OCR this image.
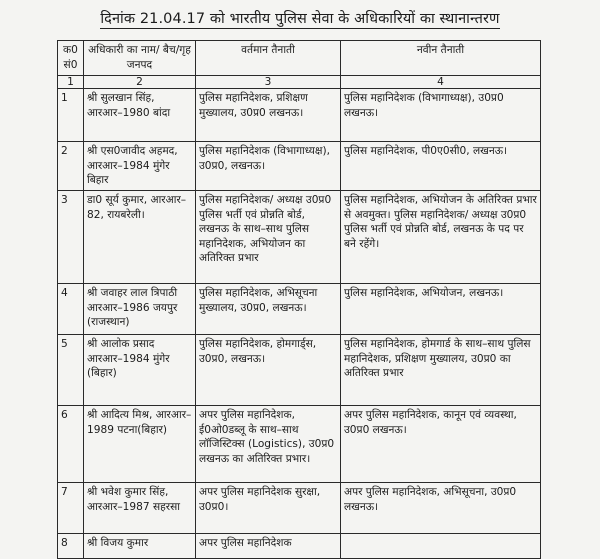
दिनांक 21.04.17 को भारतीय पुलिस सेवा के अधिकारियों का स्थानान्तरण
क0 सं0	अधिकारी का नाम/ बैच/गृह जनपद	वर्तमान तैनाती	नवीन तैनाती
1	2	3	4
1	श्री सुलखान सिंह, आरआर–1980 बांदा	पुलिस महानिदेशक, प्रशिक्षण मुख्यालय, उ0प्र0 लखनऊ।	पुलिस महानिदेशक (विभागाध्यक्ष), उ0प्र0 लखनऊ।
2	श्री एस0जावीद अहमद, आरआर–1984 मुंगेर बिहार	पुलिस महानिदेशक (विभागाध्यक्ष), उ0प्र0, लखनऊ।	पुलिस महानिदेशक, पी0ए0सी0, लखनऊ।
3	डा0 सूर्य कुमार, आरआर–82, रायबरेली।	पुलिस महानिदेशक/ अध्यक्ष उ0प्र0 पुलिस भर्ती एवं प्रोन्नति बोर्ड, लखनऊ के साथ–साथ पुलिस महानिदेशक, अभियोजन का अतिरिक्त प्रभार	पुलिस महानिदेशक, अभियोजन के अतिरिक्त प्रभार से अवमुक्त। पुलिस महानिदेशक/ अध्यक्ष उ0प्र0 पुलिस भर्ती एवं प्रोन्नति बोर्ड, लखनऊ के पद पर बने रहेंगे।
4	श्री जवाहर लाल त्रिपाठी आरआर–1986 जयपुर (राजस्थान)	पुलिस महानिदेशक, अभिसूचना मुख्यालय, उ0प्र0, लखनऊ।	पुलिस महानिदेशक, अभियोजन, लखनऊ।
5	श्री आलोक प्रसाद आरआर–1984 मुंगेर (बिहार)	पुलिस महानिदेशक, होमगार्ड्स, उ0प्र0, लखनऊ।	पुलिस महानिदेशक, होमगार्ड के साथ–साथ पुलिस महानिदेशक, प्रशिक्षण मुख्यालय, उ0प्र0 का अतिरिक्त प्रभार
6	श्री आदित्य मिश्र, आरआर–1989 पटना(बिहार)	अपर पुलिस महानिदेशक, ई0ओ0डब्लू के साथ–साथ लॉजिस्टिक्स (Logistics), उ0प्र0 लखनऊ का अतिरिक्त प्रभार।	अपर पुलिस महानिदेशक, कानून एवं व्यवस्था, उ0प्र0 लखनऊ।
7	श्री भवेश कुमार सिंह, आरआर–1987 सहरसा	अपर पुलिस महानिदेशक सुरक्षा, उ0प्र0।	अपर पुलिस महानिदेशक, अभिसूचना, उ0प्र0 लखनऊ।
8	श्री विजय कुमार	अपर पुलिस महानिदेशक	
